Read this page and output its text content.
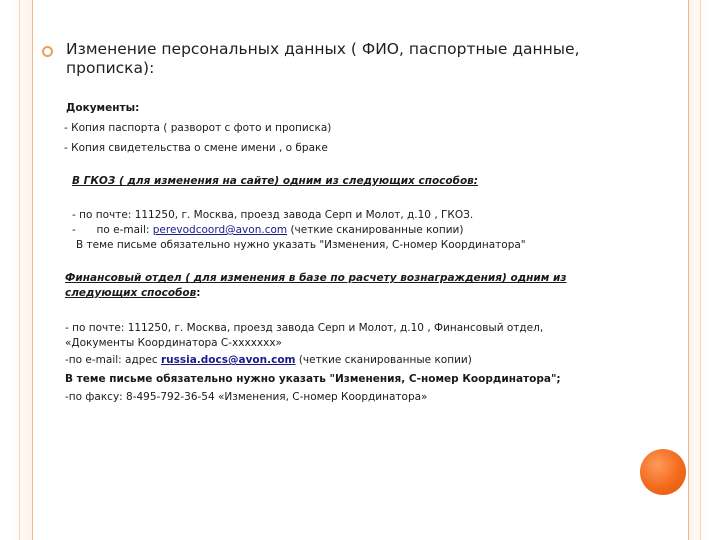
Изменение персональных данных ( ФИО, паспортные данные, прописка):
Документы:
- Копия паспорта ( разворот с фото и прописка)
- Копия свидетельства о смене имени , о браке
В ГКОЗ ( для изменения на сайте) одним из следующих способов:
- по почте: 111250, г. Москва, проезд завода Серп и Молот, д.10 , ГКОЗ.
- по e-mail: perevodcoord@avon.com (четкие сканированные копии)
В теме письме обязательно нужно указать "Изменения, С-номер Координатора"
Финансовый отдел ( для изменения в базе по расчету вознаграждения) одним из
следующих способов:
- по почте: 111250, г. Москва, проезд завода Серп и Молот, д.10 , Финансовый отдел,
«Документы Координатора С-ххххххх»
-по e-mail: адрес russia.docs@avon.com (четкие сканированные копии)
В теме письме обязательно нужно указать "Изменения, С-номер Координатора";
-по факсу: 8-495-792-36-54 «Изменения, С-номер Координатора»
